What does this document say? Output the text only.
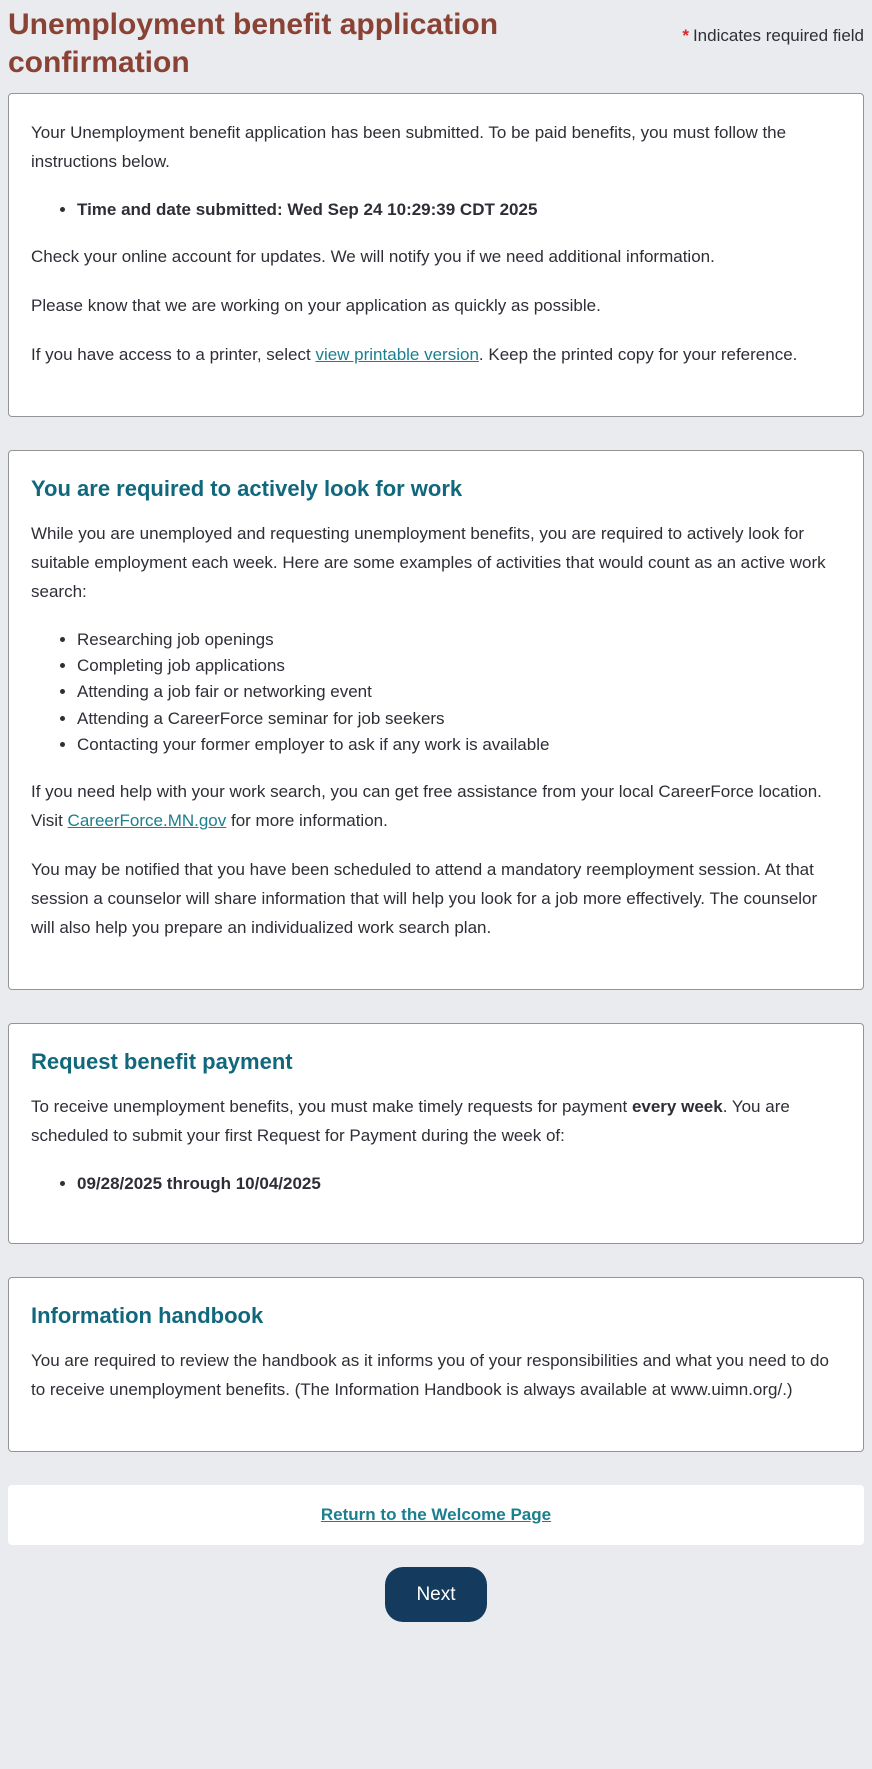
Unemployment benefit application confirmation
* Indicates required field

Your Unemployment benefit application has been submitted. To be paid benefits, you must follow the instructions below.

• Time and date submitted: Wed Sep 24 10:29:39 CDT 2025

Check your online account for updates. We will notify you if we need additional information.

Please know that we are working on your application as quickly as possible.

If you have access to a printer, select view printable version. Keep the printed copy for your reference.

You are required to actively look for work

While you are unemployed and requesting unemployment benefits, you are required to actively look for suitable employment each week. Here are some examples of activities that would count as an active work search:

• Researching job openings
• Completing job applications
• Attending a job fair or networking event
• Attending a CareerForce seminar for job seekers
• Contacting your former employer to ask if any work is available

If you need help with your work search, you can get free assistance from your local CareerForce location. Visit CareerForce.MN.gov for more information.

You may be notified that you have been scheduled to attend a mandatory reemployment session. At that session a counselor will share information that will help you look for a job more effectively. The counselor will also help you prepare an individualized work search plan.

Request benefit payment

To receive unemployment benefits, you must make timely requests for payment every week. You are scheduled to submit your first Request for Payment during the week of:

• 09/28/2025 through 10/04/2025
Information handbook

You are required to review the handbook as it informs you of your responsibilities and what you need to do to receive unemployment benefits. (The Information Handbook is always available at www.uimn.org/.)

Return to the Welcome Page
Next
